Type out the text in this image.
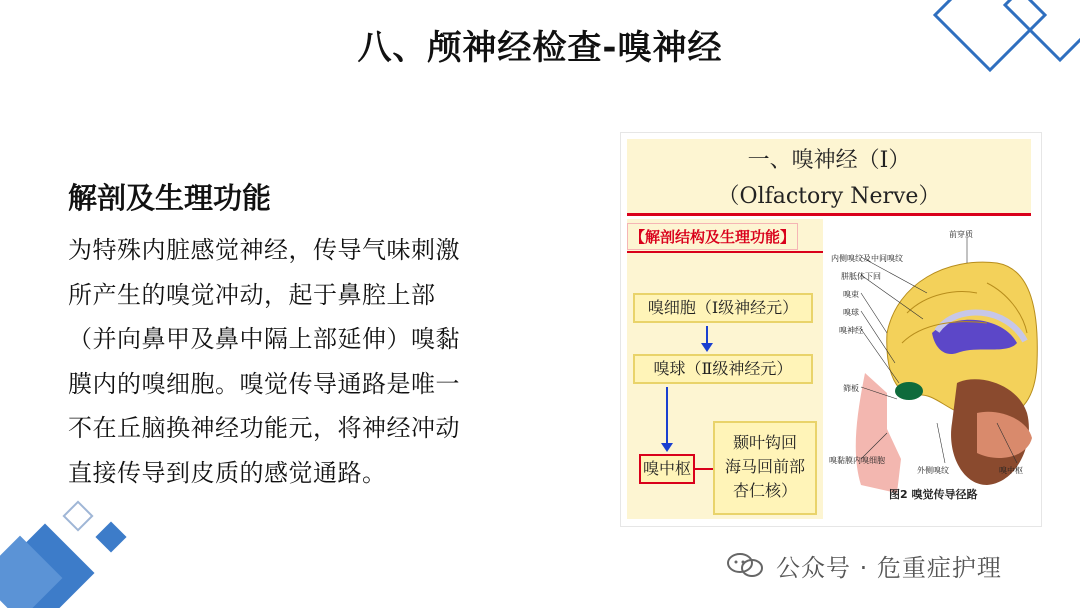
八、颅神经检查-嗅神经
解剖及生理功能
为特殊内脏感觉神经，传导气味刺激
所产生的嗅觉冲动，起于鼻腔上部
（并向鼻甲及鼻中隔上部延伸）嗅黏
膜内的嗅细胞。嗅觉传导通路是唯一
不在丘脑换神经功能元，将神经冲动
直接传导到皮质的感觉通路。
一、嗅神经（Ⅰ）
（Olfactory Nerve）
【解剖结构及生理功能】
嗅细胞（Ⅰ级神经元）
嗅球（Ⅱ级神经元）
嗅中枢
颞叶钩回
海马回前部
杏仁核）
前穿质
内侧嗅纹及中间嗅纹
胼胝体下回
嗅束
嗅球
嗅神经
筛板
嗅黏膜内嗅细胞
外侧嗅纹	嗅中枢
图2 嗅觉传导径路
公众号 · 危重症护理
